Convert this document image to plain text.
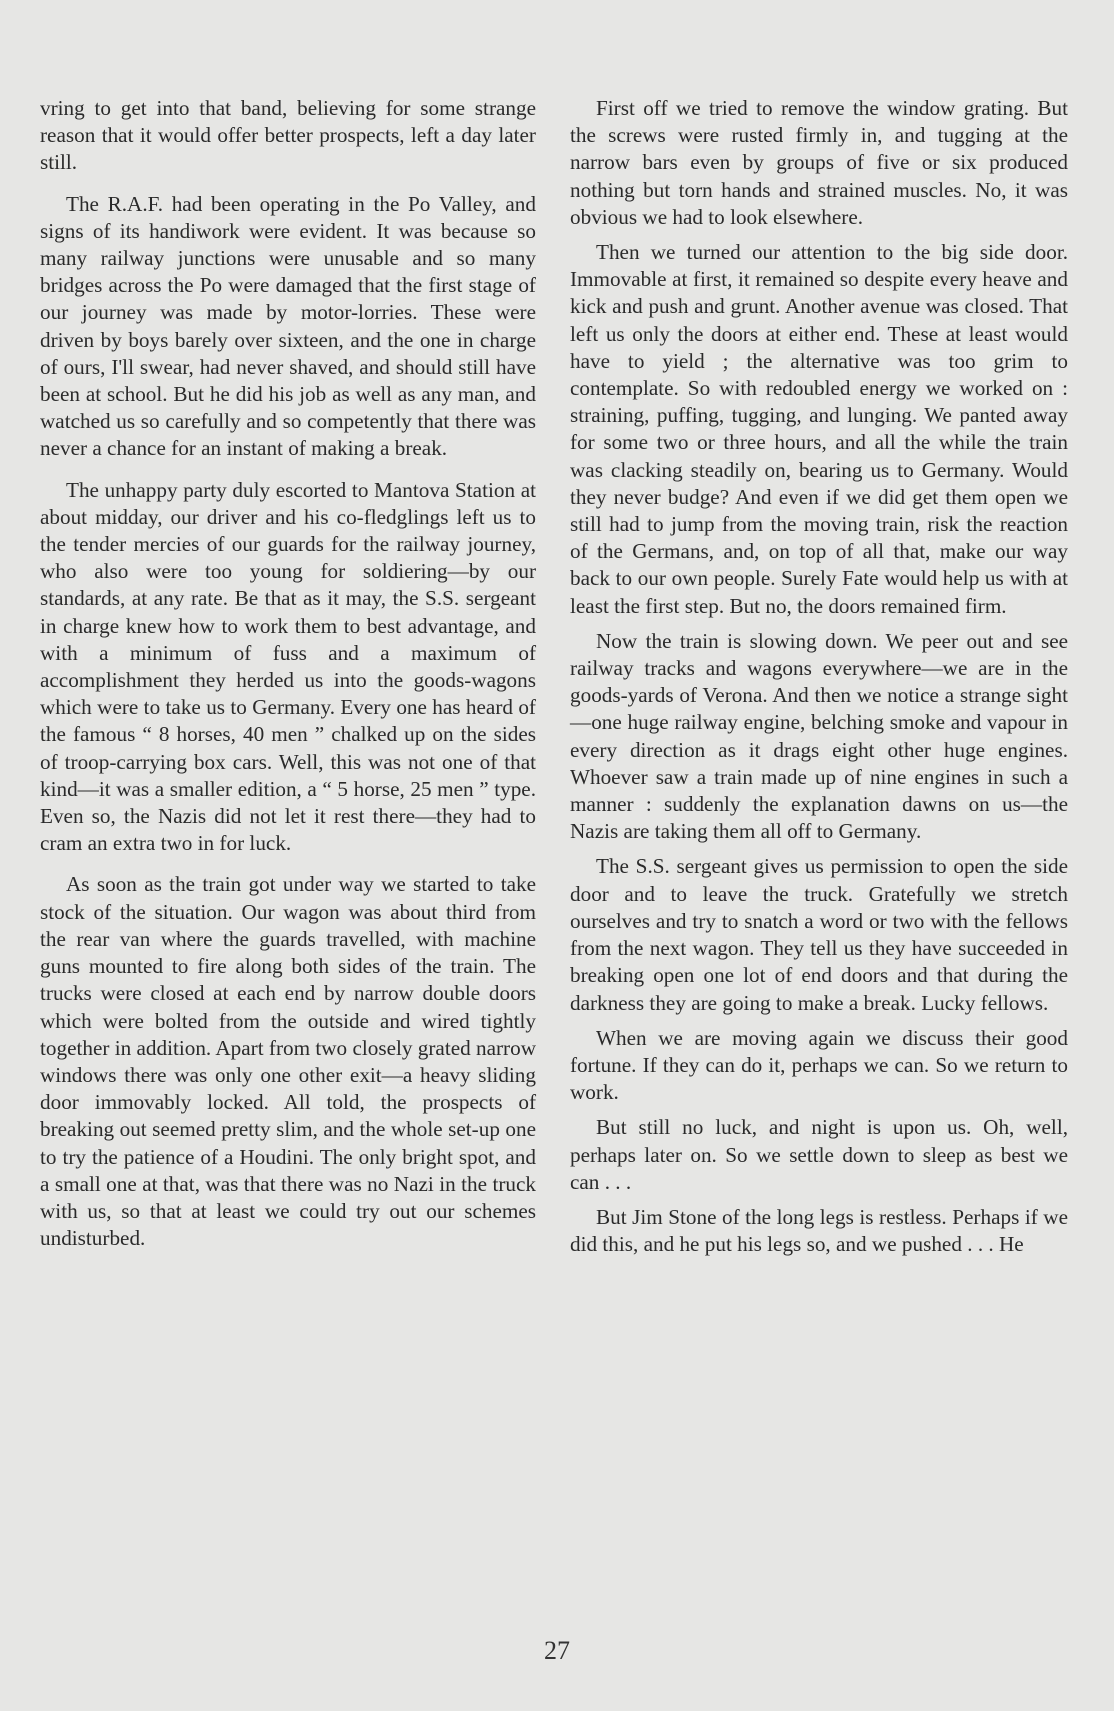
vring to get into that band, believing for some strange reason that it would offer better prospects, left a day later still.

The R.A.F. had been operating in the Po Valley, and signs of its handiwork were evident. It was because so many railway junctions were unusable and so many bridges across the Po were damaged that the first stage of our journey was made by motor-lorries. These were driven by boys barely over sixteen, and the one in charge of ours, I'll swear, had never shaved, and should still have been at school. But he did his job as well as any man, and watched us so carefully and so competently that there was never a chance for an instant of making a break.

The unhappy party duly escorted to Mantova Station at about midday, our driver and his co-fledglings left us to the tender mercies of our guards for the railway journey, who also were too young for soldiering—by our standards, at any rate. Be that as it may, the S.S. sergeant in charge knew how to work them to best advantage, and with a minimum of fuss and a maximum of accomplishment they herded us into the goods-wagons which were to take us to Germany. Every one has heard of the famous “ 8 horses, 40 men ” chalked up on the sides of troop-carrying box cars. Well, this was not one of that kind—it was a smaller edition, a “ 5 horse, 25 men ” type. Even so, the Nazis did not let it rest there—they had to cram an extra two in for luck.

As soon as the train got under way we started to take stock of the situation. Our wagon was about third from the rear van where the guards travelled, with machine guns mounted to fire along both sides of the train. The trucks were closed at each end by narrow double doors which were bolted from the outside and wired tightly together in addition. Apart from two closely grated narrow windows there was only one other exit—a heavy sliding door immovably locked. All told, the prospects of breaking out seemed pretty slim, and the whole set-up one to try the patience of a Houdini. The only bright spot, and a small one at that, was that there was no Nazi in the truck with us, so that at least we could try out our schemes undisturbed.

First off we tried to remove the window grating. But the screws were rusted firmly in, and tugging at the narrow bars even by groups of five or six produced nothing but torn hands and strained muscles. No, it was obvious we had to look elsewhere.

Then we turned our attention to the big side door. Immovable at first, it remained so despite every heave and kick and push and grunt. Another avenue was closed. That left us only the doors at either end. These at least would have to yield ; the alternative was too grim to contemplate. So with redoubled energy we worked on : straining, puffing, tugging, and lunging. We panted away for some two or three hours, and all the while the train was clacking steadily on, bearing us to Germany. Would they never budge? And even if we did get them open we still had to jump from the moving train, risk the reaction of the Germans, and, on top of all that, make our way back to our own people. Surely Fate would help us with at least the first step. But no, the doors remained firm.

Now the train is slowing down. We peer out and see railway tracks and wagons everywhere—we are in the goods-yards of Verona. And then we notice a strange sight—one huge railway engine, belching smoke and vapour in every direction as it drags eight other huge engines. Whoever saw a train made up of nine engines in such a manner : suddenly the explanation dawns on us—the Nazis are taking them all off to Germany.

The S.S. sergeant gives us permission to open the side door and to leave the truck. Gratefully we stretch ourselves and try to snatch a word or two with the fellows from the next wagon. They tell us they have succeeded in breaking open one lot of end doors and that during the darkness they are going to make a break. Lucky fellows.

When we are moving again we discuss their good fortune. If they can do it, perhaps we can. So we return to work.

But still no luck, and night is upon us. Oh, well, perhaps later on. So we settle down to sleep as best we can . . .

But Jim Stone of the long legs is restless. Perhaps if we did this, and he put his legs so, and we pushed . . . He

27
